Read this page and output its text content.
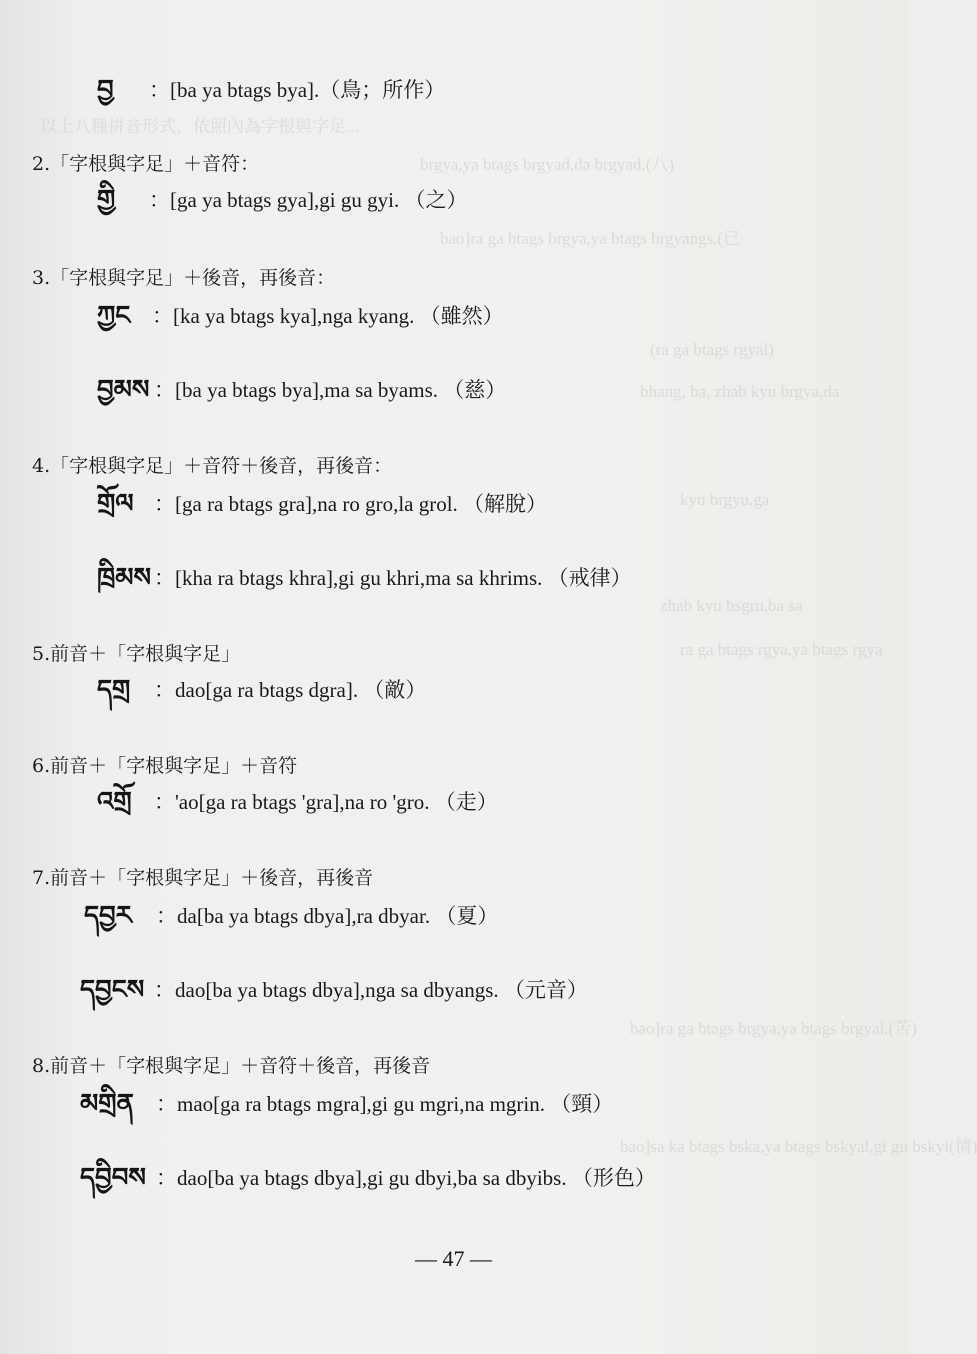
以上八種拼音形式，依照內為字根與字足...
brgya,ya btags brgyad,da brgyad.(八)
bao]ra ga btags brgya,ya btags brgyangs.(已
(ra ga btags rgyal)
bhang, ba, zhab kyu brgya,da
kyu brgyu,ga
zhab kyu bsgru,ba sa
ra ga btags rgya,ya btags rgya
bao]ra ga btags brgya,ya btags brgyal.(苦)
bao]sa ka btags bska,ya btags bskyal,gi gu bskyi(情)
བྱ ：[ba ya btags bya].（鳥；所作）
2.「字根與字足」＋音符：
གྱི ：[ga ya btags gya],gi gu gyi. （之）
3.「字根與字足」＋後音，再後音：
ཀྱང ：[ka ya btags kya],nga kyang. （雖然）
བྱམས ：[ba ya btags bya],ma sa byams. （慈）
4.「字根與字足」＋音符＋後音，再後音：
གྲོལ ：[ga ra btags gra],na ro gro,la grol. （解脫）
ཁྲིམས ：[kha ra btags khra],gi gu khri,ma sa khrims. （戒律）
5.前音＋「字根與字足」
དགྲ ：dao[ga ra btags dgra]. （敵）
6.前音＋「字根與字足」＋音符
འགྲོ ：'ao[ga ra btags 'gra],na ro 'gro. （走）
7.前音＋「字根與字足」＋後音，再後音
དབྱར ：da[ba ya btags dbya],ra dbyar. （夏）
དབྱངས ：dao[ba ya btags dbya],nga sa dbyangs. （元音）
8.前音＋「字根與字足」＋音符＋後音，再後音
མགྲིན ：mao[ga ra btags mgra],gi gu mgri,na mgrin. （頸）
དབྱིབས ：dao[ba ya btags dbya],gi gu dbyi,ba sa dbyibs. （形色）
— 47 —
